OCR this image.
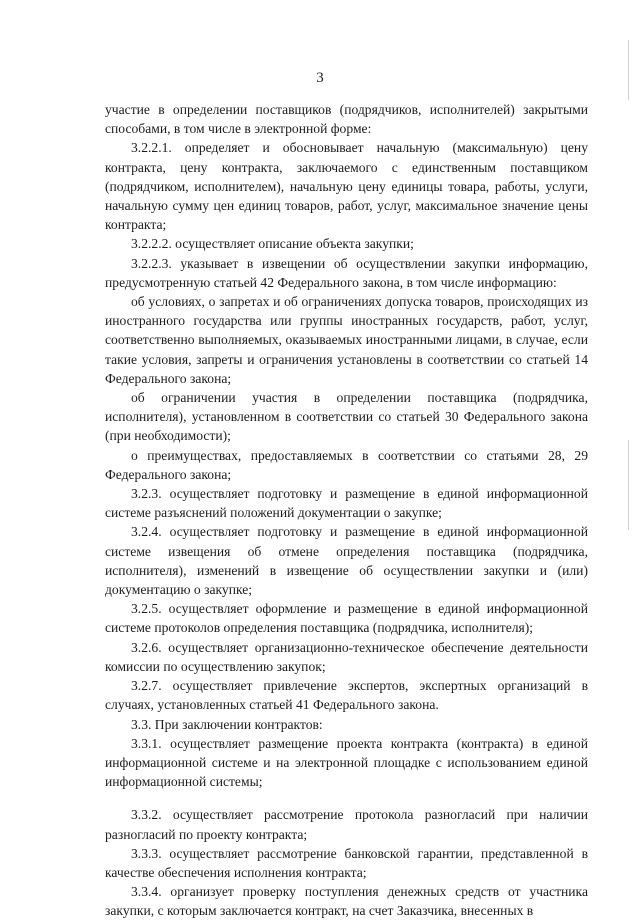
3

участие в определении поставщиков (подрядчиков, исполнителей) закрытыми способами, в том числе в электронной форме:

3.2.2.1. определяет и обосновывает начальную (максимальную) цену контракта, цену контракта, заключаемого с единственным поставщиком (подрядчиком, исполнителем), начальную цену единицы товара, работы, услуги, начальную сумму цен единиц товаров, работ, услуг, максимальное значение цены контракта;

3.2.2.2. осуществляет описание объекта закупки;

3.2.2.3. указывает в извещении об осуществлении закупки информацию, предусмотренную статьей 42 Федерального закона, в том числе информацию:

об условиях, о запретах и об ограничениях допуска товаров, происходящих из иностранного государства или группы иностранных государств, работ, услуг, соответственно выполняемых, оказываемых иностранными лицами, в случае, если такие условия, запреты и ограничения установлены в соответствии со статьей 14 Федерального закона;

об ограничении участия в определении поставщика (подрядчика, исполнителя), установленном в соответствии со статьей 30 Федерального закона (при необходимости);

о преимуществах, предоставляемых в соответствии со статьями 28, 29 Федерального закона;

3.2.3. осуществляет подготовку и размещение в единой информационной системе разъяснений положений документации о закупке;

3.2.4. осуществляет подготовку и размещение в единой информационной системе извещения об отмене определения поставщика (подрядчика, исполнителя), изменений в извещение об осуществлении закупки и (или) документацию о закупке;

3.2.5. осуществляет оформление и размещение в единой информационной системе протоколов определения поставщика (подрядчика, исполнителя);

3.2.6. осуществляет организационно-техническое обеспечение деятельности комиссии по осуществлению закупок;

3.2.7. осуществляет привлечение экспертов, экспертных организаций в случаях, установленных статьей 41 Федерального закона.

3.3. При заключении контрактов:

3.3.1. осуществляет размещение проекта контракта (контракта) в единой информационной системе и на электронной площадке с использованием единой информационной системы;

3.3.2. осуществляет рассмотрение протокола разногласий при наличии разногласий по проекту контракта;

3.3.3. осуществляет рассмотрение банковской гарантии, представленной в качестве обеспечения исполнения контракта;

3.3.4. организует проверку поступления денежных средств от участника закупки, с которым заключается контракт, на счет Заказчика, внесенных в
